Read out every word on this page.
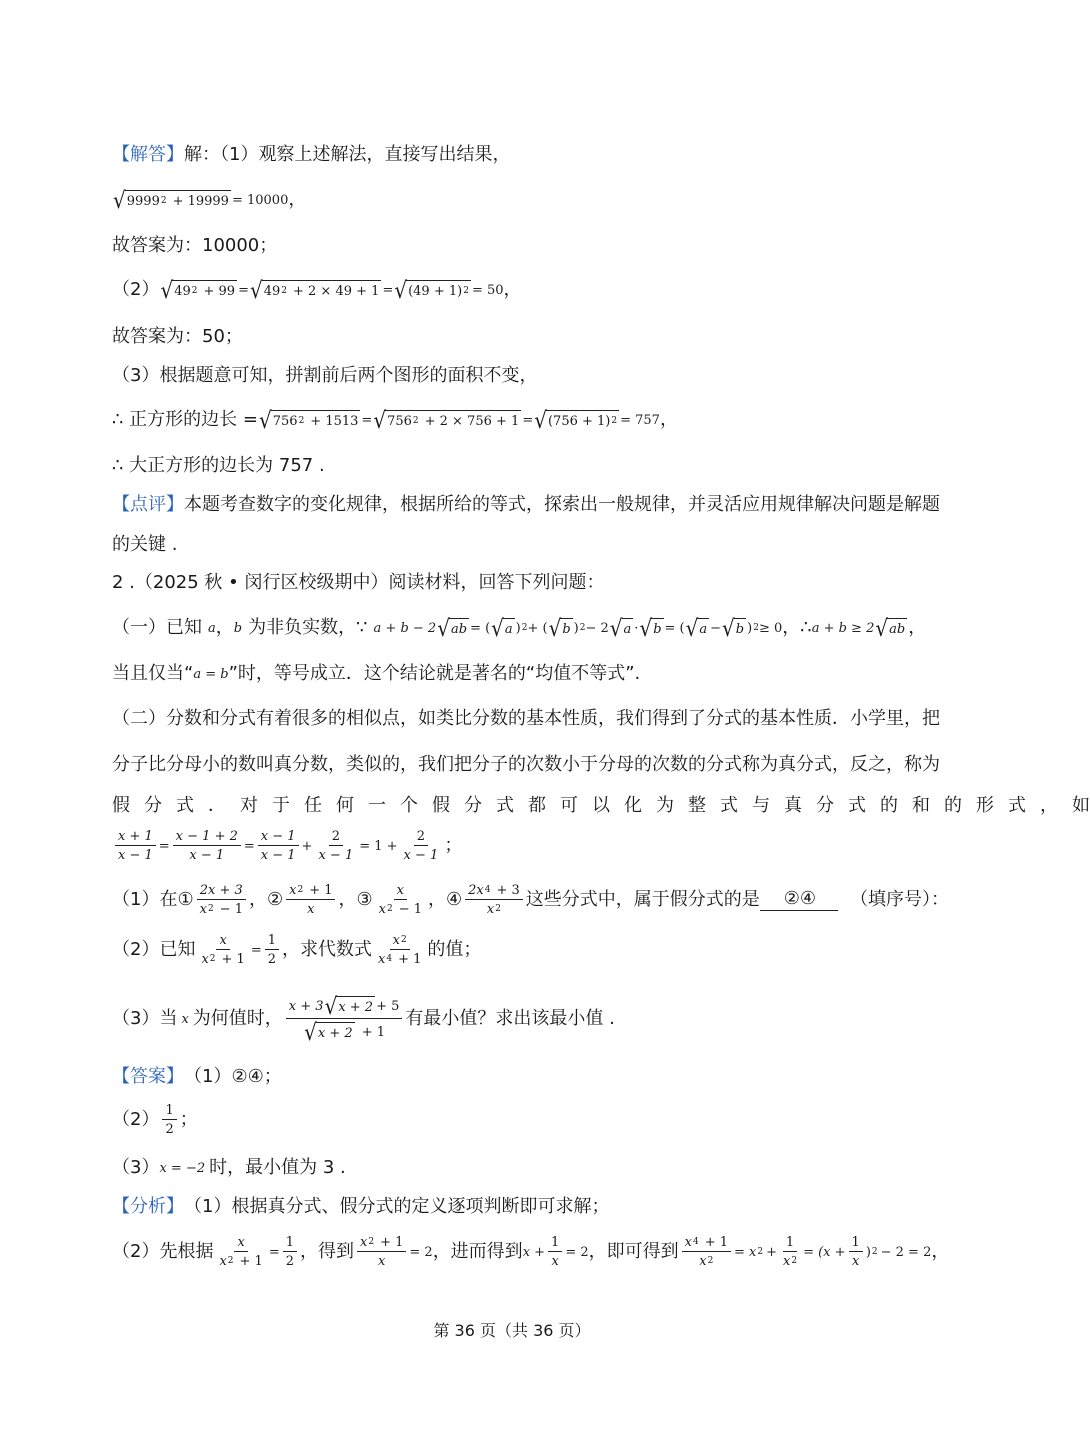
【解答】 解：（1）观察上述解法，直接写出结果，
√ 9999 2 + 19999 = 10000 ，
故答案为：10000；
（2） √ 49 2 + 99 = √ 49 2 + 2 × 49 + 1 = √ (49 + 1) 2 = 50 ，
故答案为：50；
（3）根据题意可知，拼割前后两个图形的面积不变，
∴ 正方形的边长 = √ 756 2 + 1513 = √ 756 2 + 2 × 756 + 1 = √ (756 + 1) 2 = 757 ，
∴ 大正方形的边长为 757 .
【点评】 本题考查数字的变化规律，根据所给的等式，探索出一般规律，并灵活应用规律解决问题是解题
的关键 .
2 .（2025 秋 • 闵行区校级期中）阅读材料，回答下列问题：
（一）已知 a ， b 为非负实数，∵ a + b − 2 √ ab = ( √ a ) 2 + ( √ b ) 2 − 2 √ a · √ b = ( √ a − √ b ) 2 ≥ 0 ，∴ a + b ≥ 2 √ ab ，
当且仅当“ a = b ”时，等号成立．这个结论就是著名的“均值不等式”.
（二）分数和分式有着很多的相似点，如类比分数的基本性质，我们得到了分式的基本性质．小学里，把
分子比分母小的数叫真分数，类似的，我们把分子的次数小于分母的次数的分式称为真分式，反之，称为
假分式．对于任何一个假分式都可以化为整式与真分式的和的形式， 如
$\frac{x + 1}{x - 1} = \frac{x - 1 + 2}{x - 1} = \frac{x - 1}{x - 1} + \frac{2}{x - 1} = 1 + \frac{2}{x - 1}$ ；
（1）在① 2x + 3
x 2 − 1 ，② x 2 + 1
x ，③ x
x 2 − 1 ，④ 2x 4 + 3
x 2 这些分式中，属于假分式的是	②④	（填序号）：
（2）已知 $\frac{x}{x 2 + 1} = \frac{1}{2}$ ，求代数式 x 2
x 4 + 1 的值；
（3）当 x 为何值时，
x + 3 √ x + 2 + 5
√ x + 2 + 1
有最小值？求出该最小值 .
【答案】 （1）②④；
（2） 1
2 ；
（3） x = −2 时，最小值为 3 .
【分析】 （1）根据真分式、假分式的定义逐项判断即可求解；
（2）先根据 $\frac{x}{x 2 + 1} = \frac{1}{2}$ ，得到 $\frac{x 2 + 1}{x} = 2$ ，进而得到 $x + \frac{1}{x} = 2$ ，即可得到 $\frac{x 4 + 1}{x 2} = x$ $2 + \frac{1}{x 2} = (x + \frac{1}{x}$ ) 2 − 2 = 2 ，
第 36 页（共 36 页）
